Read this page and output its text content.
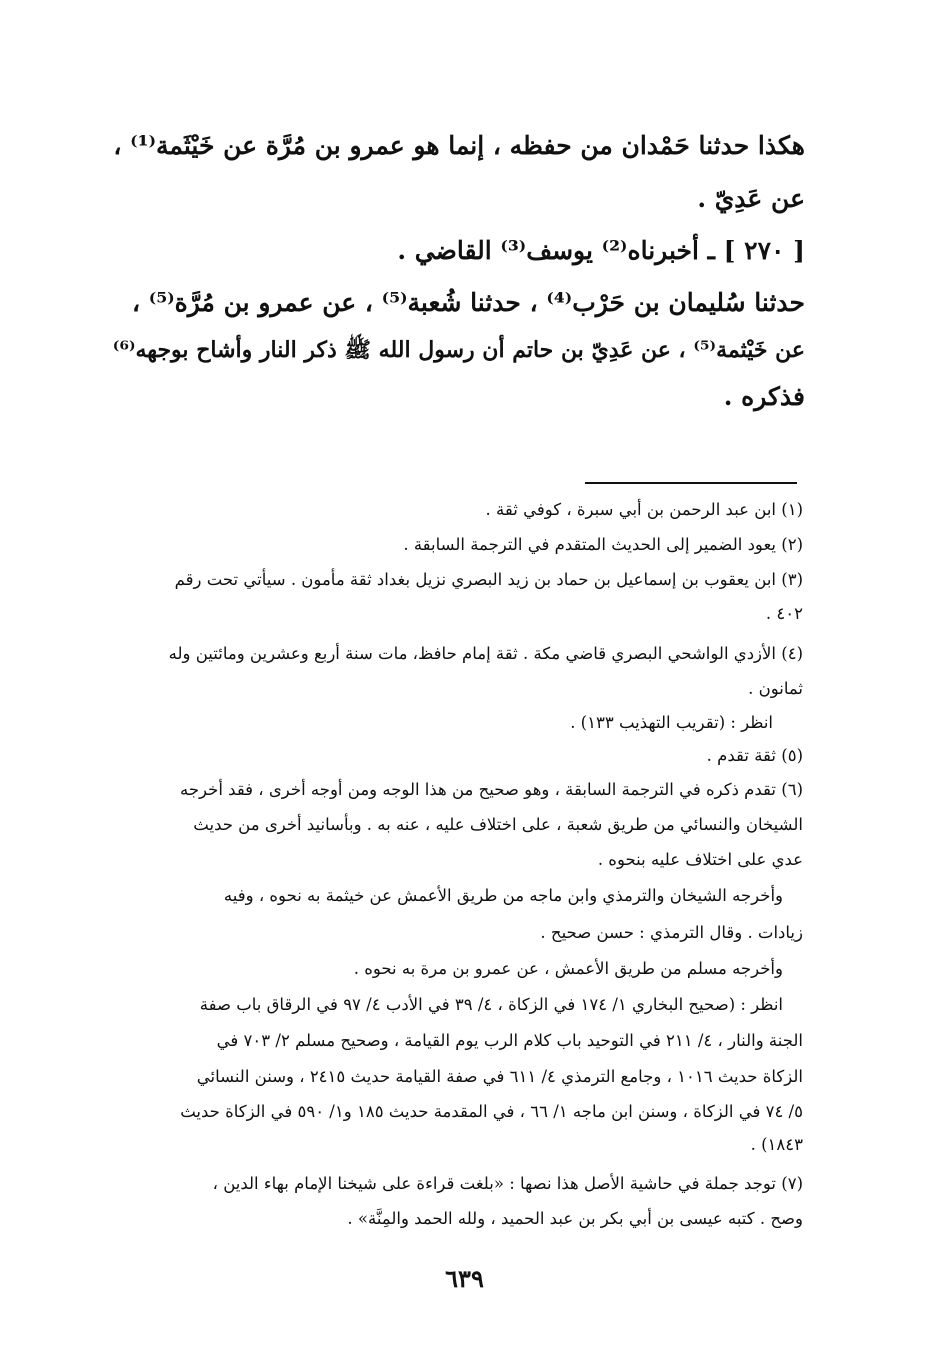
هكذا حدثنا حَمْدان من حفظه ، إنما هو عمرو بن مُرَّة عن خَيْثَمة⁽¹⁾ ،
عن عَدِيّ .
[ ٢٧٠ ] ـ أخبرناه⁽²⁾ يوسف⁽³⁾ القاضي .
حدثنا سُليمان بن حَرْب⁽⁴⁾ ، حدثنا شُعبة⁽⁵⁾ ، عن عمرو بن مُرَّة⁽⁵⁾ ،
عن خَيْثمة⁽⁵⁾ ، عن عَدِيّ بن حاتم أن رسول الله ﷺ ذكر النار وأشاح بوجهه⁽⁶⁾
فذكره .
(١) ابن عبد الرحمن بن أبي سبرة ، كوفي ثقة .
(٢) يعود الضمير إلى الحديث المتقدم في الترجمة السابقة .
(٣) ابن يعقوب بن إسماعيل بن حماد بن زيد البصري نزيل بغداد ثقة مأمون . سيأتي تحت رقم
٤٠٢ .
(٤) الأزدي الواشحي البصري قاضي مكة . ثقة إمام حافظ، مات سنة أربع وعشرين ومائتين وله
ثمانون .
انظر : (تقريب التهذيب ١٣٣) .
(٥) ثقة تقدم .
(٦) تقدم ذكره في الترجمة السابقة ، وهو صحيح من هذا الوجه ومن أوجه أخرى ، فقد أخرجه
الشيخان والنسائي من طريق شعبة ، على اختلاف عليه ، عنه به . وبأسانيد أخرى من حديث
عدي على اختلاف عليه بنحوه .
وأخرجه الشيخان والترمذي وابن ماجه من طريق الأعمش عن خيثمة به نحوه ، وفيه
زيادات . وقال الترمذي : حسن صحيح .
وأخرجه مسلم من طريق الأعمش ، عن عمرو بن مرة به نحوه .
انظر : (صحيح البخاري ١/ ١٧٤ في الزكاة ، ٤/ ٣٩ في الأدب ٤/ ٩٧ في الرقاق باب صفة
الجنة والنار ، ٤/ ٢١١ في التوحيد باب كلام الرب يوم القيامة ، وصحيح مسلم ٢/ ٧٠٣ في
الزكاة حديث ١٠١٦ ، وجامع الترمذي ٤/ ٦١١ في صفة القيامة حديث ٢٤١٥ ، وسنن النسائي
٥/ ٧٤ في الزكاة ، وسنن ابن ماجه ١/ ٦٦ ، في المقدمة حديث ١٨٥ و١/ ٥٩٠ في الزكاة حديث
١٨٤٣) .
(٧) توجد جملة في حاشية الأصل هذا نصها : «بلغت قراءة على شيخنا الإمام بهاء الدين ،
وصح . كتبه عيسى بن أبي بكر بن عبد الحميد ، ولله الحمد والمِنَّة» .
٦٣٩
